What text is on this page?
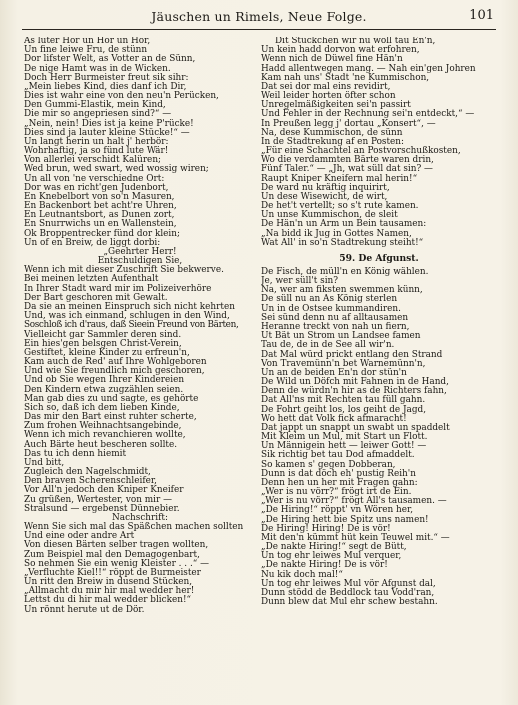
Jäuschen un Rimels, Neue Folge.	101
As luter Hor un Hor un Hor,
Un fine leiwe Fru, de stünn
Dor lifster Welt, as Votter an de Sünn,
De nige Hamt was in de Wicken.
Doch Herr Burmeister freut sik sihr:
„Mein liebes Kind, dies danf ich Dir,
Dies ist wahr eine von den neu'n Perücken,
Den Gummi-Elastik, mein Kind,
Die mir so angepriesen sind?“ —
„Nein, nein! Dies ist ja keine P'rücke!
Dies sind ja lauter kleine Stücke!“ —
Un langt herin un halt j' herbör:
Wohrhaftig, ja so fünd lute Wär!
Von allerlei verschidt Kalüren;
Wed brun, wed swart, wed wossig wiren;
Un all von 'ne verschiedne Ort:
Dor was en richt'gen Judenbort,
En Knebelbort von so'n Masuren,
En Backenbort bet acht're Uhren,
En Leutnantsbort, as Dunen zort,
En Snurrwichs un en Wallenstein,
Ok Broppentrecker fünd dor klein;
Un of en Breiw, de liggt dorbi:
„Geehrter Herr!
Entschuldigen Sie,
Wenn ich mit dieser Zuschrift Sie bekwerve.
Bei meinen letzten Aufenthalt
In Ihrer Stadt ward mir im Polizeiverhöre
Der Bart geschoren mit Gewalt.
Da sie an meinen Einspruch sich nicht kehrten
Und, was ich einmand, schlugen in den Wind,
Soschloß ich d'raus, daß Sieein Freund von Bärten,
Vielleicht gar Sammler deren sind.
Ein hies'gen belsgen Christ-Verein,
Gestiftet, kleine Kinder zu erfreun'n,
Kam auch de Red' auf Ihre Wohlgeboren
Und wie Sie freundlich mich geschoren,
Und ob Sie wegen Ihrer Kindereien
Den Kindern etwa zugzählen seien.
Man gab dies zu und sagte, es gehörte
Sich so, daß ich dem lieben Kinde,
Das mir den Bart einst ruhter scherte,
Zum frohen Weihnachtsangebinde,
Wenn ich mich revanchieren wollte,
Auch Bärte heut bescheren sollte.
Das tu ich denn hiemit
Und bitt,
Zugleich den Nagelschmidt,
Den braven Scherenschleifer,
Vor All'n jedoch den Kniper Kneifer
Zu grüßen, Wertester, von mir —
Stralsund — ergebenst Dünnebier.
Nachschrift:
Wenn Sie sich mal das Späßchen machen sollten
Und eine oder andre Art
Von diesen Bärten selber tragen wollten,
Zum Beispiel mal den Demagogenbart,
So nehmen Sie ein wenig Kleister . . .“ —
„Verfluchte Kiel!!“ röppt de Burmeister
Un ritt den Breiw in dusend Stücken,
„Allmacht du mir hir mal wedder her!
Lettst du di hir mal wedder blicken!“
Un rönnt herute ut de Dör.
Dit Stückchen wir nu woll tau En'n,
Un kein hadd dorvon wat erfohren,
Wenn nich de Düwel fine Hän'n
Hadd allentwegen mang. — Nah ein'gen Johren
Kam nah uns' Stadt 'ne Kummischon,
Dat sei dor mal eins revidirt,
Weil leider horten öfter schon
Unregelmäßigkeiten sei'n passirt
Und Fehler in der Rechnung sei'n entdeckt,“ —
In Preußen legg j' dortau „Konsert“, —
Na, dese Kummischon, de sünn
In de Stadtrekung af en Posten:
„Für eine Schachtel an Postvorschußkosten,
Wo die verdammten Bärte waren drin,
Fünf Taler.“ — „Jh, wat süll dat sin? —
Raupt Kniper Kneifern mal herin!“
De ward nu kräftig inquirirt,
Un dese Wisewicht, de wirt,
De het't vertellt; so s't rute kamen.
Un unse Kummischon, de sleit
De Hän'n un Arm un Bein tausamen:
„Na bidd ik Jug in Gottes Namen,
Wat All' in so'n Stadtrekung steiht!“
59. De Afgunst.
De Fisch, de müll'n en König wählen.
Je, wer süll't sin?
Na, wer am fiksten swemmen künn,
De süll nu an As König sterlen
Un in de Ostsee kummandiren.
Sei sünd denn nu af alltausamen
Heranne treckt von nah un fiern,
Ut Bät un Strom un Landsee famen
Tau de, de in de See all wir'n.
Dat Mal würd prickt entlang den Strand
Von Travemünn'n bet Warnemünn'n,
Un an de beiden En'n dor stün'n
De Wild un Döfch mit Fahnen in de Hand,
Denn de würdn'n hir as de Richters fahn,
Dat All'ns mit Rechten tau füll gahn.
De Fohrt geiht los, los geiht de Jagd,
Wo hett dat Volk fick afmaracht!
Dat jappt un snappt un swabt un spaddelt
Mit Kleim un Mul, mit Start un Flott.
Un Männigein hett — leiwer Gott! —
Sik richtig bet tau Dod afmaddelt.
So kamen s' gegen Dobberan,
Dunn is dat döch eh' pustig Reih'n
Denn hen un her mit Fragen gahn:
„Wer is nu vörr?“ frögt irt de Ein.
„Wer is nu vörr?“ frögt All's tausamen. —
„De Hiring!“ röppt' vn Wören her,
„De Hiring hett bie Spitz uns namen!
De Hiring! Hiring! De is vör!
Mit den'n kümmt hüt kein Teuwel mit.“ —
„De nakte Hiring!“ segt de Bütt,
Un tog ehr leiwes Mul verquer,
„De nakte Hiring! De is vör!
Nu kik doch mal!“
Un tog ehr leiwes Mul vör Afgunst dal,
Dunn stödd de Beddlock tau Vodd'ran,
Dunn blew dat Mul ehr schew bestahn.
